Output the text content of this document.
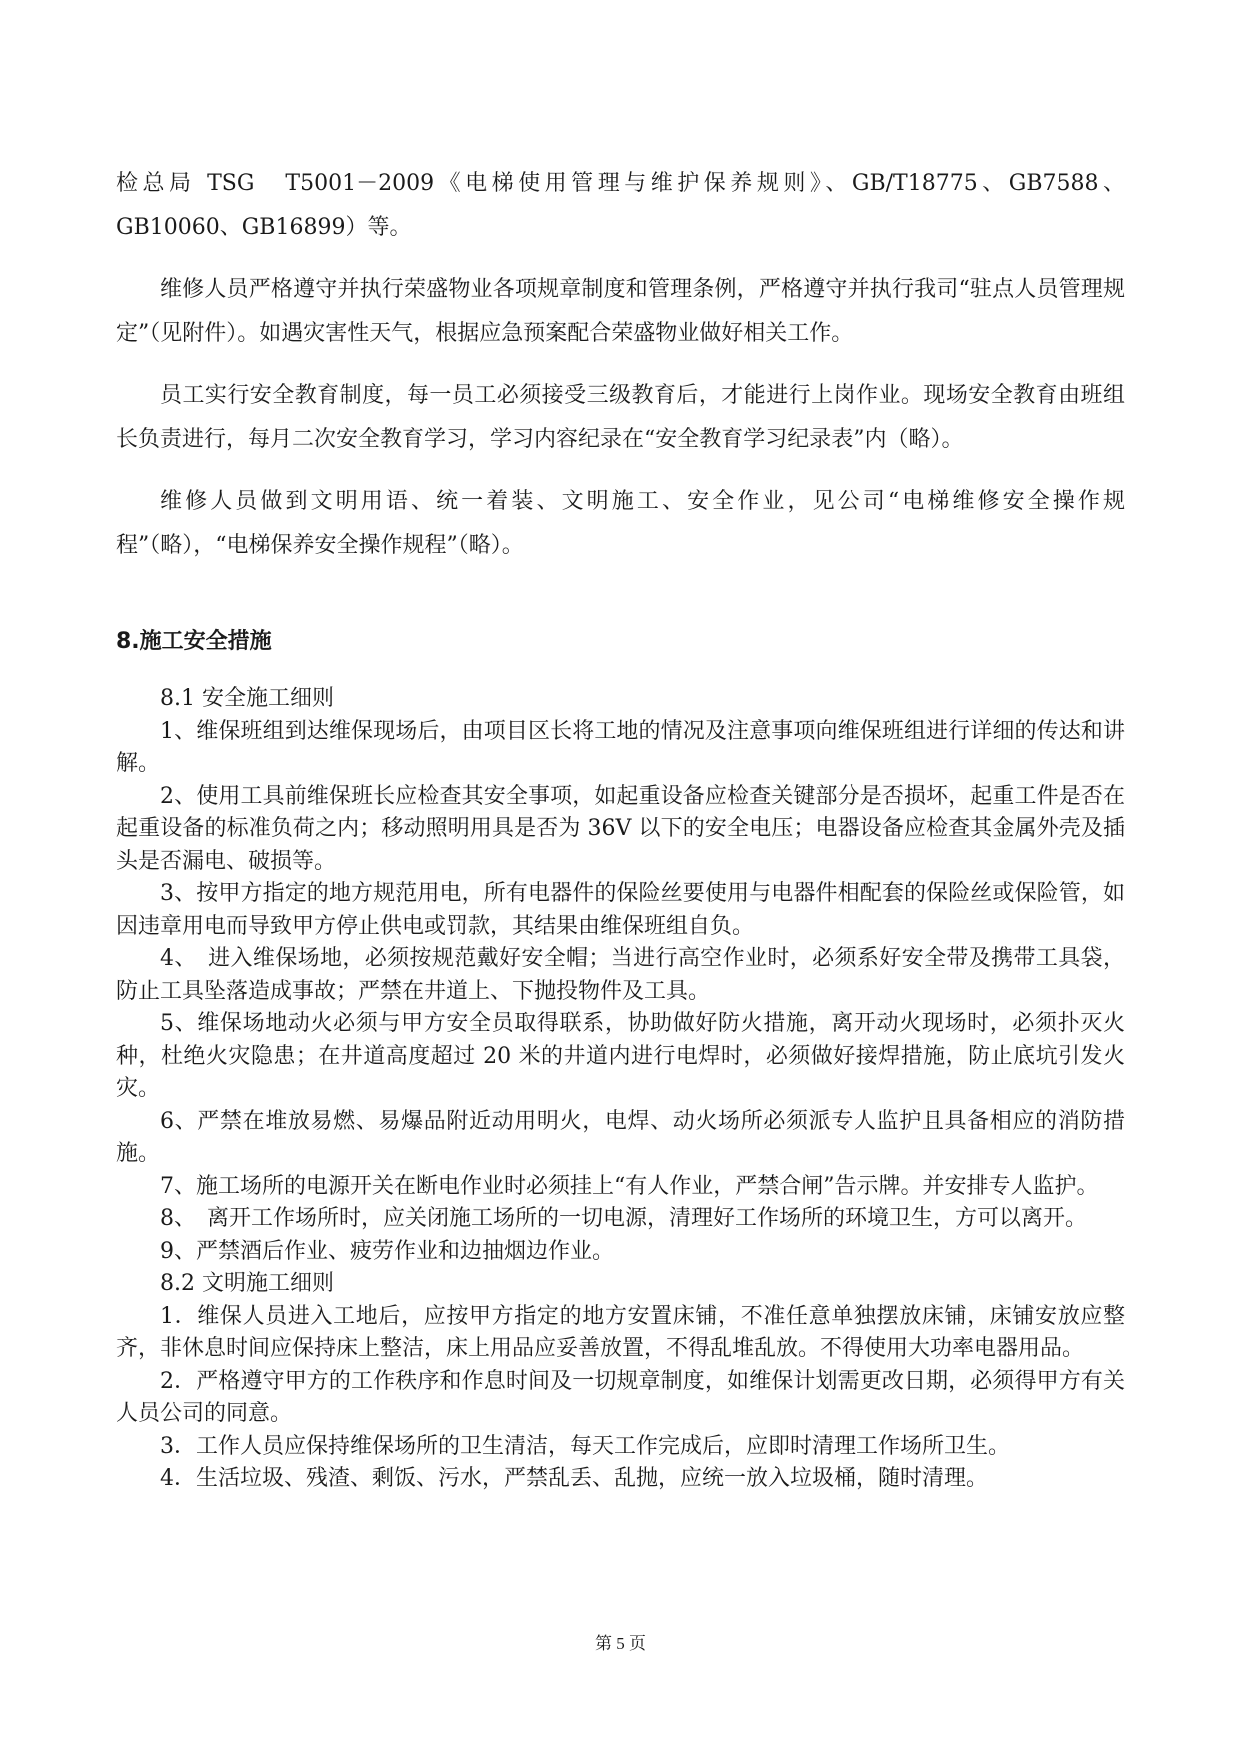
检总局 TSG　T5001－2009《电梯使用管理与维护保养规则》、GB/T18775、GB7588、GB10060、GB16899）等。

维修人员严格遵守并执行荣盛物业各项规章制度和管理条例，严格遵守并执行我司“驻点人员管理规定”（见附件）。如遇灾害性天气，根据应急预案配合荣盛物业做好相关工作。

员工实行安全教育制度，每一员工必须接受三级教育后，才能进行上岗作业。现场安全教育由班组长负责进行，每月二次安全教育学习，学习内容纪录在“安全教育学习纪录表”内（略）。

维修人员做到文明用语、统一着装、文明施工、安全作业，见公司“电梯维修安全操作规程”（略），“电梯保养安全操作规程”（略）。

8.施工安全措施

8.1 安全施工细则

1、维保班组到达维保现场后，由项目区长将工地的情况及注意事项向维保班组进行详细的传达和讲解。

2、使用工具前维保班长应检查其安全事项，如起重设备应检查关键部分是否损坏，起重工件是否在起重设备的标准负荷之内；移动照明用具是否为 36V 以下的安全电压；电器设备应检查其金属外壳及插头是否漏电、破损等。

3、按甲方指定的地方规范用电，所有电器件的保险丝要使用与电器件相配套的保险丝或保险管，如因违章用电而导致甲方停止供电或罚款，其结果由维保班组自负。

4、　进入维保场地，必须按规范戴好安全帽；当进行高空作业时，必须系好安全带及携带工具袋，防止工具坠落造成事故；严禁在井道上、下抛投物件及工具。

5、维保场地动火必须与甲方安全员取得联系，协助做好防火措施，离开动火现场时，必须扑灭火种，杜绝火灾隐患；在井道高度超过 20 米的井道内进行电焊时，必须做好接焊措施，防止底坑引发火灾。

6、严禁在堆放易燃、易爆品附近动用明火，电焊、动火场所必须派专人监护且具备相应的消防措施。

7、施工场所的电源开关在断电作业时必须挂上“有人作业，严禁合闸”告示牌。并安排专人监护。

8、　离开工作场所时，应关闭施工场所的一切电源，清理好工作场所的环境卫生，方可以离开。

9、严禁酒后作业、疲劳作业和边抽烟边作业。

8.2 文明施工细则

1．维保人员进入工地后，应按甲方指定的地方安置床铺，不准任意单独摆放床铺，床铺安放应整齐，非休息时间应保持床上整洁，床上用品应妥善放置，不得乱堆乱放。不得使用大功率电器用品。

2．严格遵守甲方的工作秩序和作息时间及一切规章制度，如维保计划需更改日期，必须得甲方有关人员公司的同意。

3．工作人员应保持维保场所的卫生清洁，每天工作完成后，应即时清理工作场所卫生。

4．生活垃圾、残渣、剩饭、污水，严禁乱丢、乱抛，应统一放入垃圾桶，随时清理。

第 5 页
